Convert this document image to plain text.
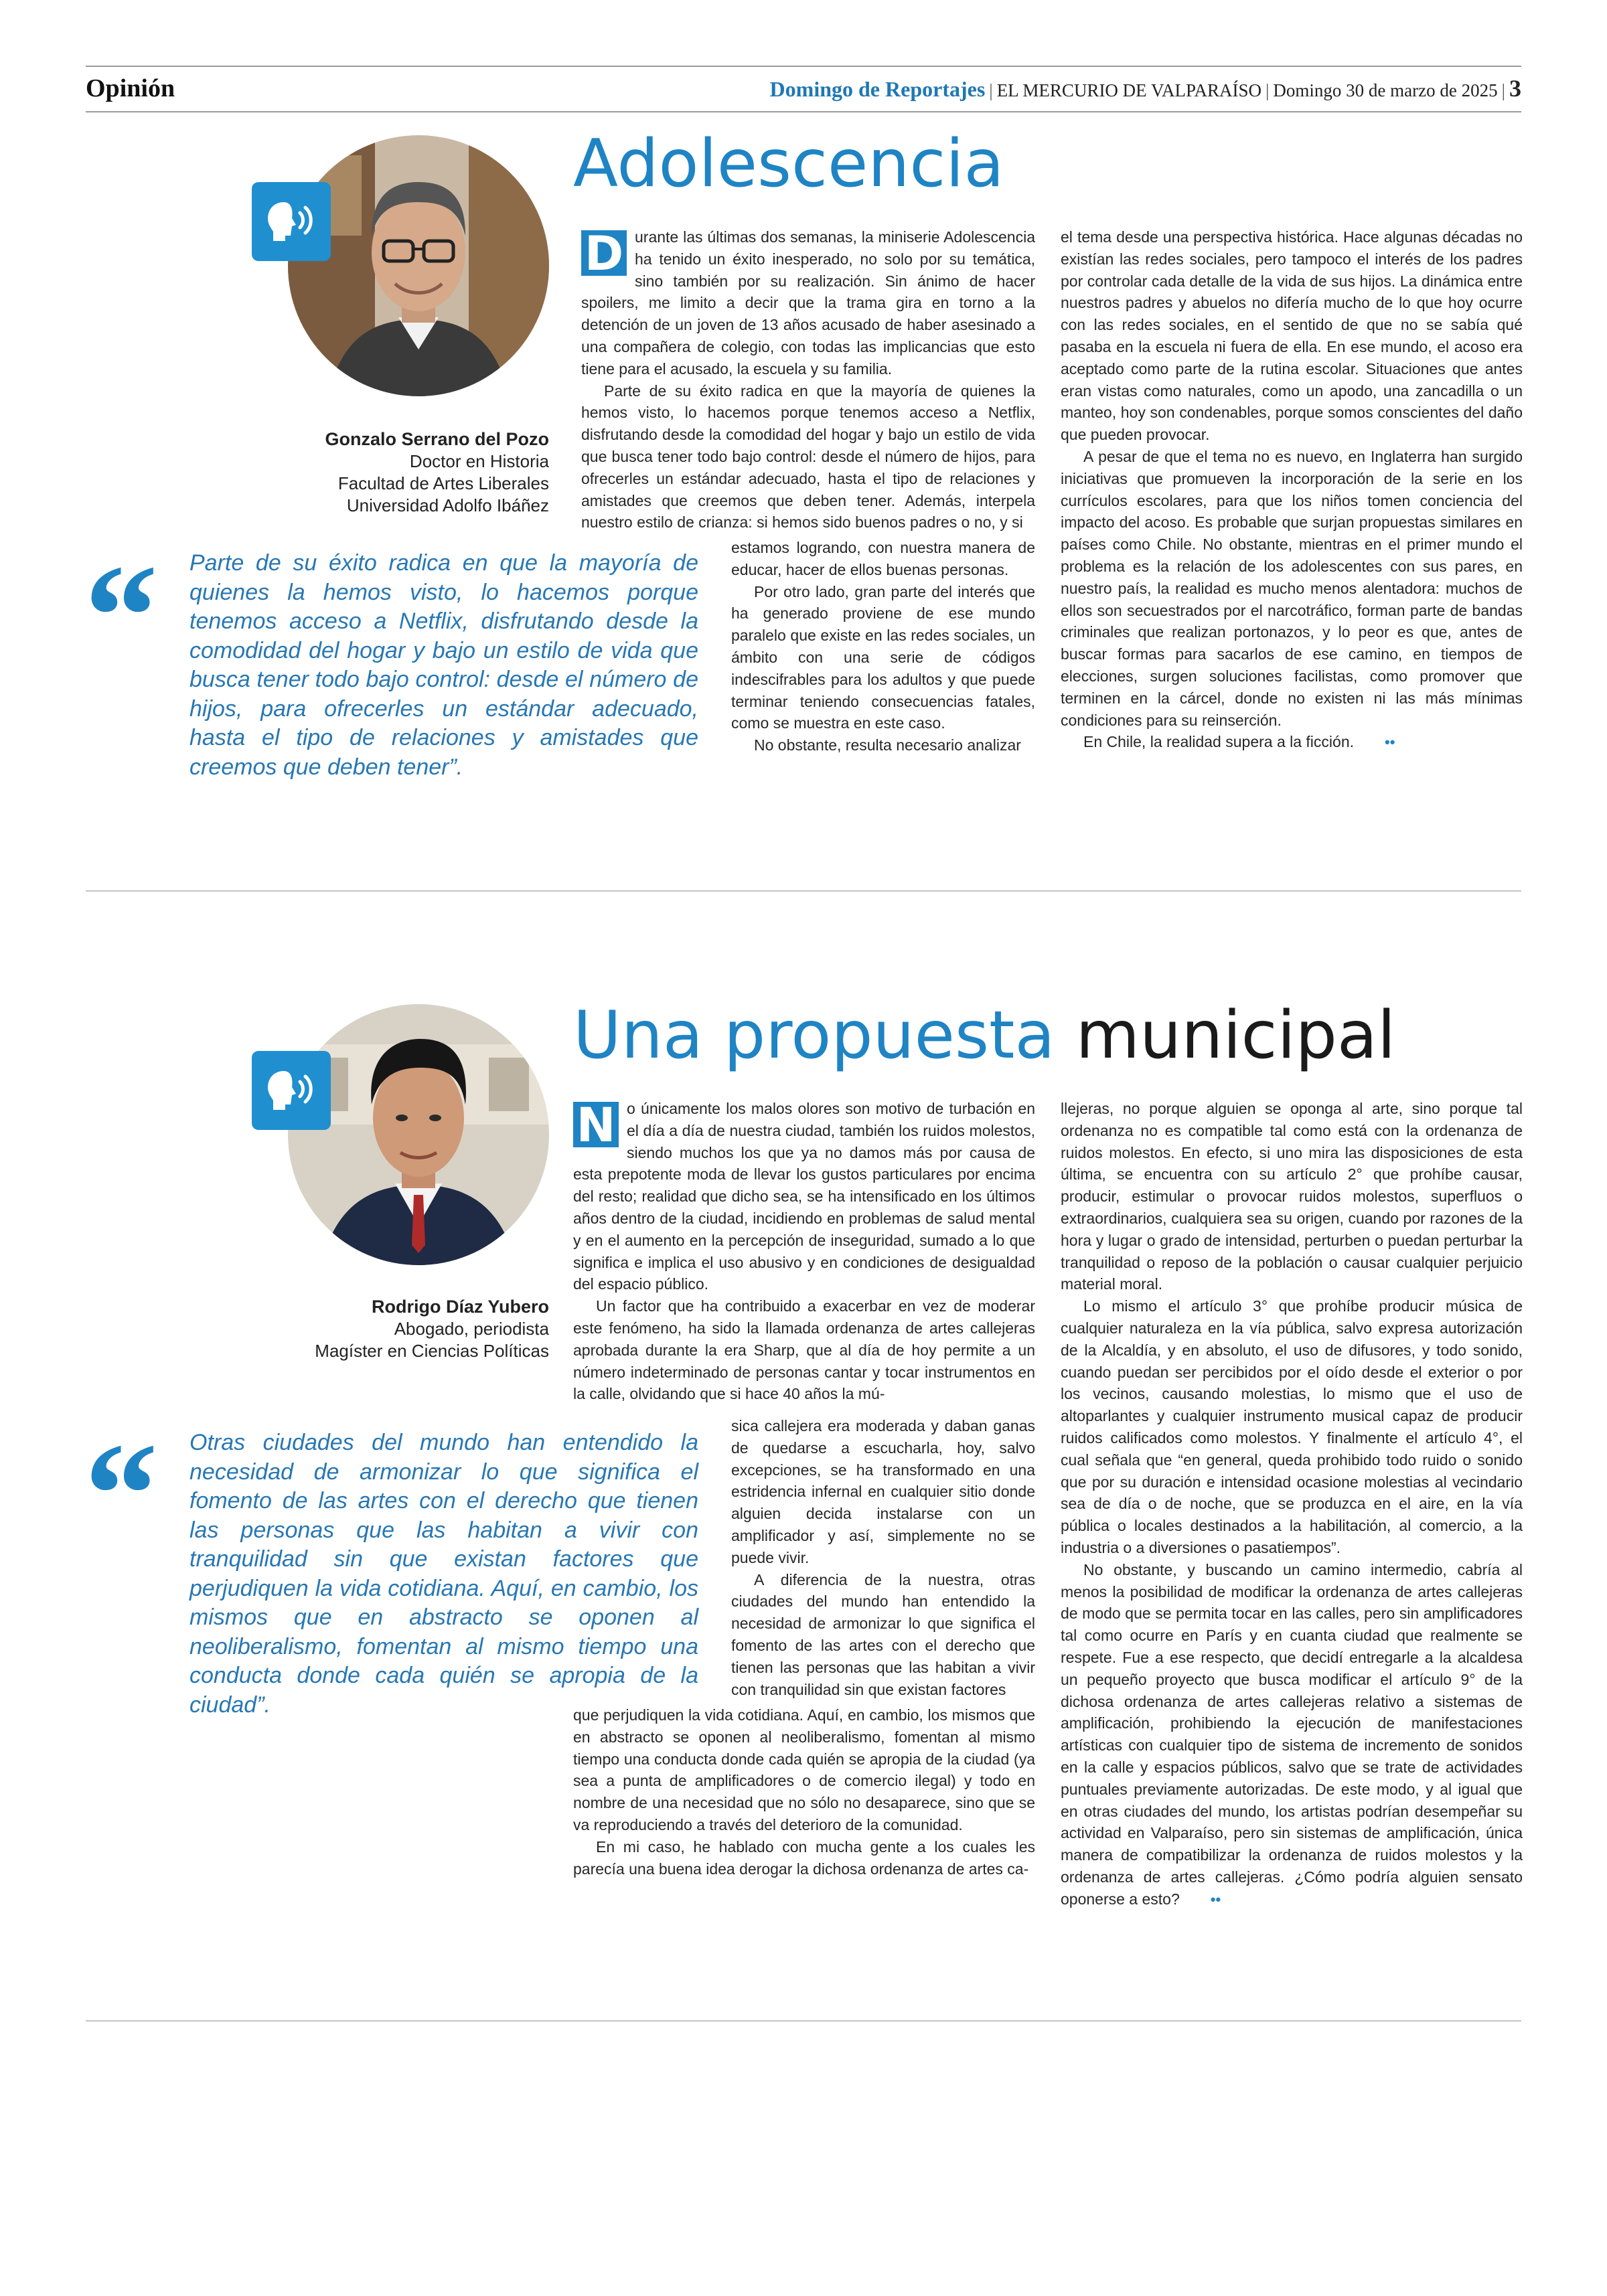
Opinión	Domingo de Reportajes | EL MERCURIO DE VALPARAÍSO | Domingo 30 de marzo de 2025 | 3
Gonzalo Serrano del Pozo
Doctor en Historia
Facultad de Artes Liberales
Universidad Adolfo Ibáñez
Adolescencia
“ Parte de su éxito radica en que la mayoría de quienes la hemos visto, lo hacemos porque tenemos acceso a Netflix, disfrutando desde la comodidad del hogar y bajo un estilo de vida que busca tener todo bajo control: desde el número de hijos, para ofrecerles un estándar adecuado, hasta el tipo de relaciones y amistades que creemos que deben tener”.

D urante las últimas dos semanas, la miniserie Adolescencia ha tenido un éxito inesperado, no solo por su temática, sino también por su realización. Sin ánimo de hacer spoilers, me limito a decir que la trama gira en torno a la detención de un joven de 13 años acusado de haber asesinado a una compañera de colegio, con todas las implicancias que esto tiene para el acusado, la escuela y su familia.

Parte de su éxito radica en que la mayoría de quienes la hemos visto, lo hacemos porque tenemos acceso a Netflix, disfrutando desde la comodidad del hogar y bajo un estilo de vida que busca tener todo bajo control: desde el número de hijos, para ofrecerles un estándar adecuado, hasta el tipo de relaciones y amistades que creemos que deben tener. Además, interpela nuestro estilo de crianza: si hemos sido buenos padres o no, y si

estamos logrando, con nuestra manera de educar, hacer de ellos buenas personas.

Por otro lado, gran parte del interés que ha generado proviene de ese mundo paralelo que existe en las redes sociales, un ámbito con una serie de códigos indescifrables para los adultos y que puede terminar teniendo consecuencias fatales, como se muestra en este caso.

No obstante, resulta necesario analizar

el tema desde una perspectiva histórica. Hace algunas décadas no existían las redes sociales, pero tampoco el interés de los padres por controlar cada detalle de la vida de sus hijos. La dinámica entre nuestros padres y abuelos no difería mucho de lo que hoy ocurre con las redes sociales, en el sentido de que no se sabía qué pasaba en la escuela ni fuera de ella. En ese mundo, el acoso era aceptado como parte de la rutina escolar. Situaciones que antes eran vistas como naturales, como un apodo, una zancadilla o un manteo, hoy son condenables, porque somos conscientes del daño que pueden provocar.

A pesar de que el tema no es nuevo, en Inglaterra han surgido iniciativas que promueven la incorporación de la serie en los currículos escolares, para que los niños tomen conciencia del impacto del acoso. Es probable que surjan propuestas similares en países como Chile. No obstante, mientras en el primer mundo el problema es la relación de los adolescentes con sus pares, en nuestro país, la realidad es mucho menos alentadora: muchos de ellos son secuestrados por el narcotráfico, forman parte de bandas criminales que realizan portonazos, y lo peor es que, antes de buscar formas para sacarlos de ese camino, en tiempos de elecciones, surgen soluciones facilistas, como promover que terminen en la cárcel, donde no existen ni las más mínimas condiciones para su reinserción.

En Chile, la realidad supera a la ficción. ••

Rodrigo Díaz Yubero
Abogado, periodista
Magíster en Ciencias Políticas
Una propuesta municipal
“ Otras ciudades del mundo han entendido la necesidad de armonizar lo que significa el fomento de las artes con el derecho que tienen las personas que las habitan a vivir con tranquilidad sin que existan factores que perjudiquen la vida cotidiana. Aquí, en cambio, los mismos que en abstracto se oponen al neoliberalismo, fomentan al mismo tiempo una conducta donde cada quién se apropia de la ciudad”.

N o únicamente los malos olores son motivo de turbación en el día a día de nuestra ciudad, también los ruidos molestos, siendo muchos los que ya no damos más por causa de esta prepotente moda de llevar los gustos particulares por encima del resto; realidad que dicho sea, se ha intensificado en los últimos años dentro de la ciudad, incidiendo en problemas de salud mental y en el aumento en la percepción de inseguridad, sumado a lo que significa e implica el uso abusivo y en condiciones de desigualdad del espacio público.

Un factor que ha contribuido a exacerbar en vez de moderar este fenómeno, ha sido la llamada ordenanza de artes callejeras aprobada durante la era Sharp, que al día de hoy permite a un número indeterminado de personas cantar y tocar instrumentos en la calle, olvidando que si hace 40 años la mú-

sica callejera era moderada y daban ganas de quedarse a escucharla, hoy, salvo excepciones, se ha transformado en una estridencia infernal en cualquier sitio donde alguien decida instalarse con un amplificador y así, simplemente no se puede vivir.

A diferencia de la nuestra, otras ciudades del mundo han entendido la necesidad de armonizar lo que significa el fomento de las artes con el derecho que tienen las personas que las habitan a vivir con tranquilidad sin que existan factores

que perjudiquen la vida cotidiana. Aquí, en cambio, los mismos que en abstracto se oponen al neoliberalismo, fomentan al mismo tiempo una conducta donde cada quién se apropia de la ciudad (ya sea a punta de amplificadores o de comercio ilegal) y todo en nombre de una necesidad que no sólo no desaparece, sino que se va reproduciendo a través del deterioro de la comunidad.

En mi caso, he hablado con mucha gente a los cuales les parecía una buena idea derogar la dichosa ordenanza de artes ca-

llejeras, no porque alguien se oponga al arte, sino porque tal ordenanza no es compatible tal como está con la ordenanza de ruidos molestos. En efecto, si uno mira las disposiciones de esta última, se encuentra con su artículo 2° que prohíbe causar, producir, estimular o provocar ruidos molestos, superfluos o extraordinarios, cualquiera sea su origen, cuando por razones de la hora y lugar o grado de intensidad, perturben o puedan perturbar la tranquilidad o reposo de la población o causar cualquier perjuicio material moral.

Lo mismo el artículo 3° que prohíbe producir música de cualquier naturaleza en la vía pública, salvo expresa autorización de la Alcaldía, y en absoluto, el uso de difusores, y todo sonido, cuando puedan ser percibidos por el oído desde el exterior o por los vecinos, causando molestias, lo mismo que el uso de altoparlantes y cualquier instrumento musical capaz de producir ruidos calificados como molestos. Y finalmente el artículo 4°, el cual señala que “en general, queda prohibido todo ruido o sonido que por su duración e intensidad ocasione molestias al vecindario sea de día o de noche, que se produzca en el aire, en la vía pública o locales destinados a la habilitación, al comercio, a la industria o a diversiones o pasatiempos”.

No obstante, y buscando un camino intermedio, cabría al menos la posibilidad de modificar la ordenanza de artes callejeras de modo que se permita tocar en las calles, pero sin amplificadores tal como ocurre en París y en cuanta ciudad que realmente se respete. Fue a ese respecto, que decidí entregarle a la alcaldesa un pequeño proyecto que busca modificar el artículo 9° de la dichosa ordenanza de artes callejeras relativo a sistemas de amplificación, prohibiendo la ejecución de manifestaciones artísticas con cualquier tipo de sistema de incremento de sonidos en la calle y espacios públicos, salvo que se trate de actividades puntuales previamente autorizadas. De este modo, y al igual que en otras ciudades del mundo, los artistas podrían desempeñar su actividad en Valparaíso, pero sin sistemas de amplificación, única manera de compatibilizar la ordenanza de ruidos molestos y la ordenanza de artes callejeras. ¿Cómo podría alguien sensato oponerse a esto? ••
